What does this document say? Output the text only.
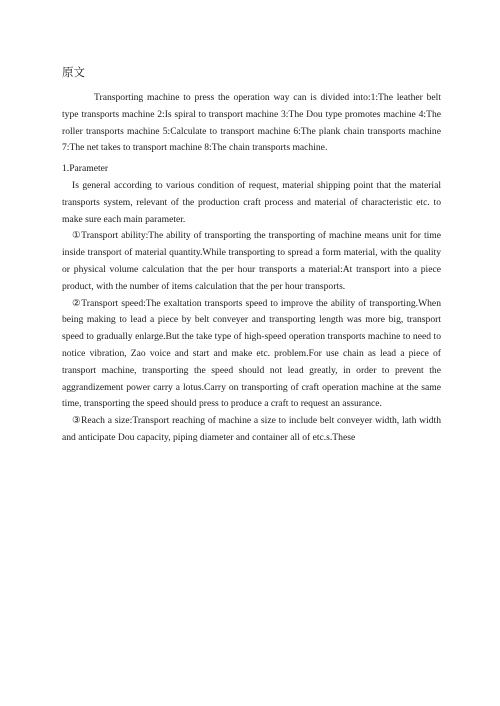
原文

Transporting machine to press the operation way can is divided into:1:The leather belt type transports machine 2:Is spiral to transport machine 3:The Dou type promotes machine 4:The roller transports machine 5:Calculate to transport machine 6:The plank chain transports machine 7:The net takes to transport machine 8:The chain transports machine.

1.Parameter

Is general according to various condition of request, material shipping point that the material transports system, relevant of the production craft process and material of characteristic etc. to make sure each main parameter.

①Transport ability:The ability of transporting the transporting of machine means unit for time inside transport of material quantity.While transporting to spread a form material, with the quality or physical volume calculation that the per hour transports a material:At transport into a piece product, with the number of items calculation that the per hour transports.

②Transport speed:The exaltation transports speed to improve the ability of transporting.When being making to lead a piece by belt conveyer and transporting length was more big, transport speed to gradually enlarge.But the take type of high-speed operation transports machine to need to notice vibration, Zao voice and start and make etc. problem.For use chain as lead a piece of transport machine, transporting the speed should not lead greatly, in order to prevent the aggrandizement power carry a lotus.Carry on transporting of craft operation machine at the same time, transporting the speed should press to produce a craft to request an assurance.

③Reach a size:Transport reaching of machine a size to include belt conveyer width, lath width and anticipate Dou capacity, piping diameter and container all of etc.s.These
